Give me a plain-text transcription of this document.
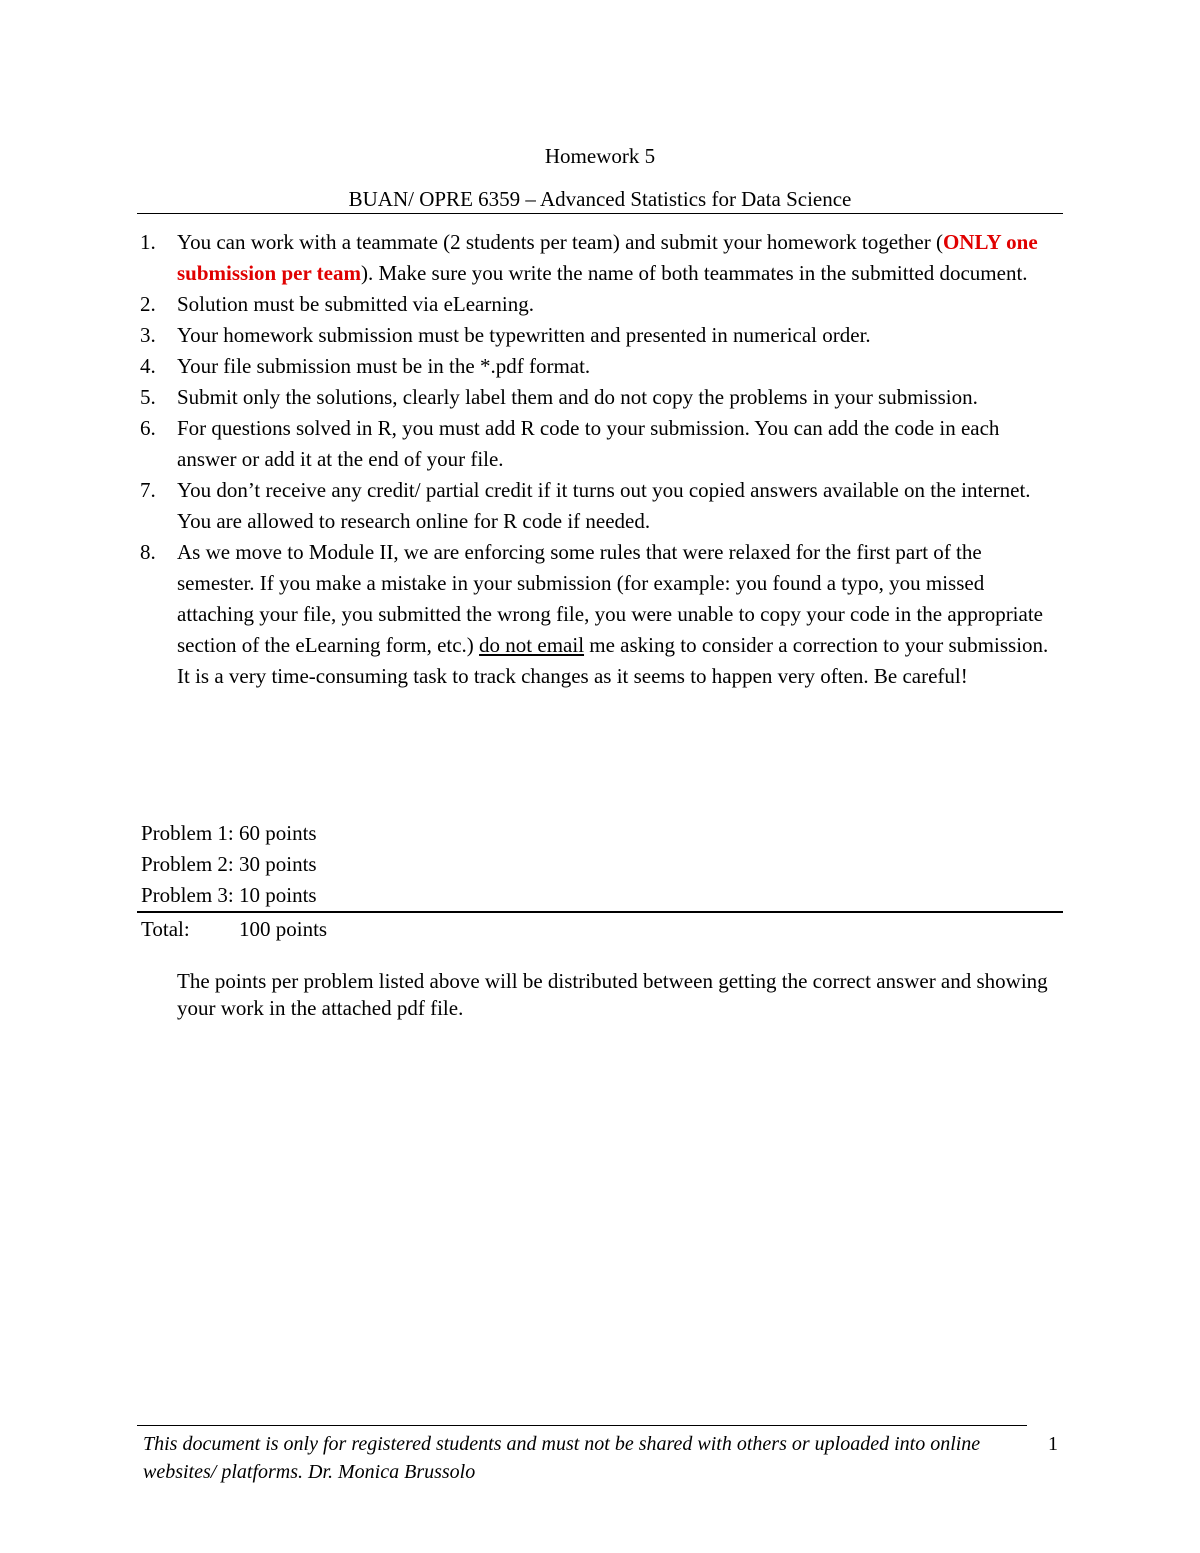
Homework 5
BUAN/ OPRE 6359 – Advanced Statistics for Data Science
1. You can work with a teammate (2 students per team) and submit your homework together (ONLY one submission per team). Make sure you write the name of both teammates in the submitted document.
2. Solution must be submitted via eLearning.
3. Your homework submission must be typewritten and presented in numerical order.
4. Your file submission must be in the *.pdf format.
5. Submit only the solutions, clearly label them and do not copy the problems in your submission.
6. For questions solved in R, you must add R code to your submission. You can add the code in each answer or add it at the end of your file.
7. You don’t receive any credit/ partial credit if it turns out you copied answers available on the internet. You are allowed to research online for R code if needed.
8. As we move to Module II, we are enforcing some rules that were relaxed for the first part of the semester. If you make a mistake in your submission (for example: you found a typo, you missed attaching your file, you submitted the wrong file, you were unable to copy your code in the appropriate section of the eLearning form, etc.) do not email me asking to consider a correction to your submission. It is a very time-consuming task to track changes as it seems to happen very often. Be careful!
Problem 1: 60 points
Problem 2: 30 points
Problem 3: 10 points
Total: 100 points
The points per problem listed above will be distributed between getting the correct answer and showing your work in the attached pdf file.
This document is only for registered students and must not be shared with others or uploaded into online websites/ platforms. Dr. Monica Brussolo
1
